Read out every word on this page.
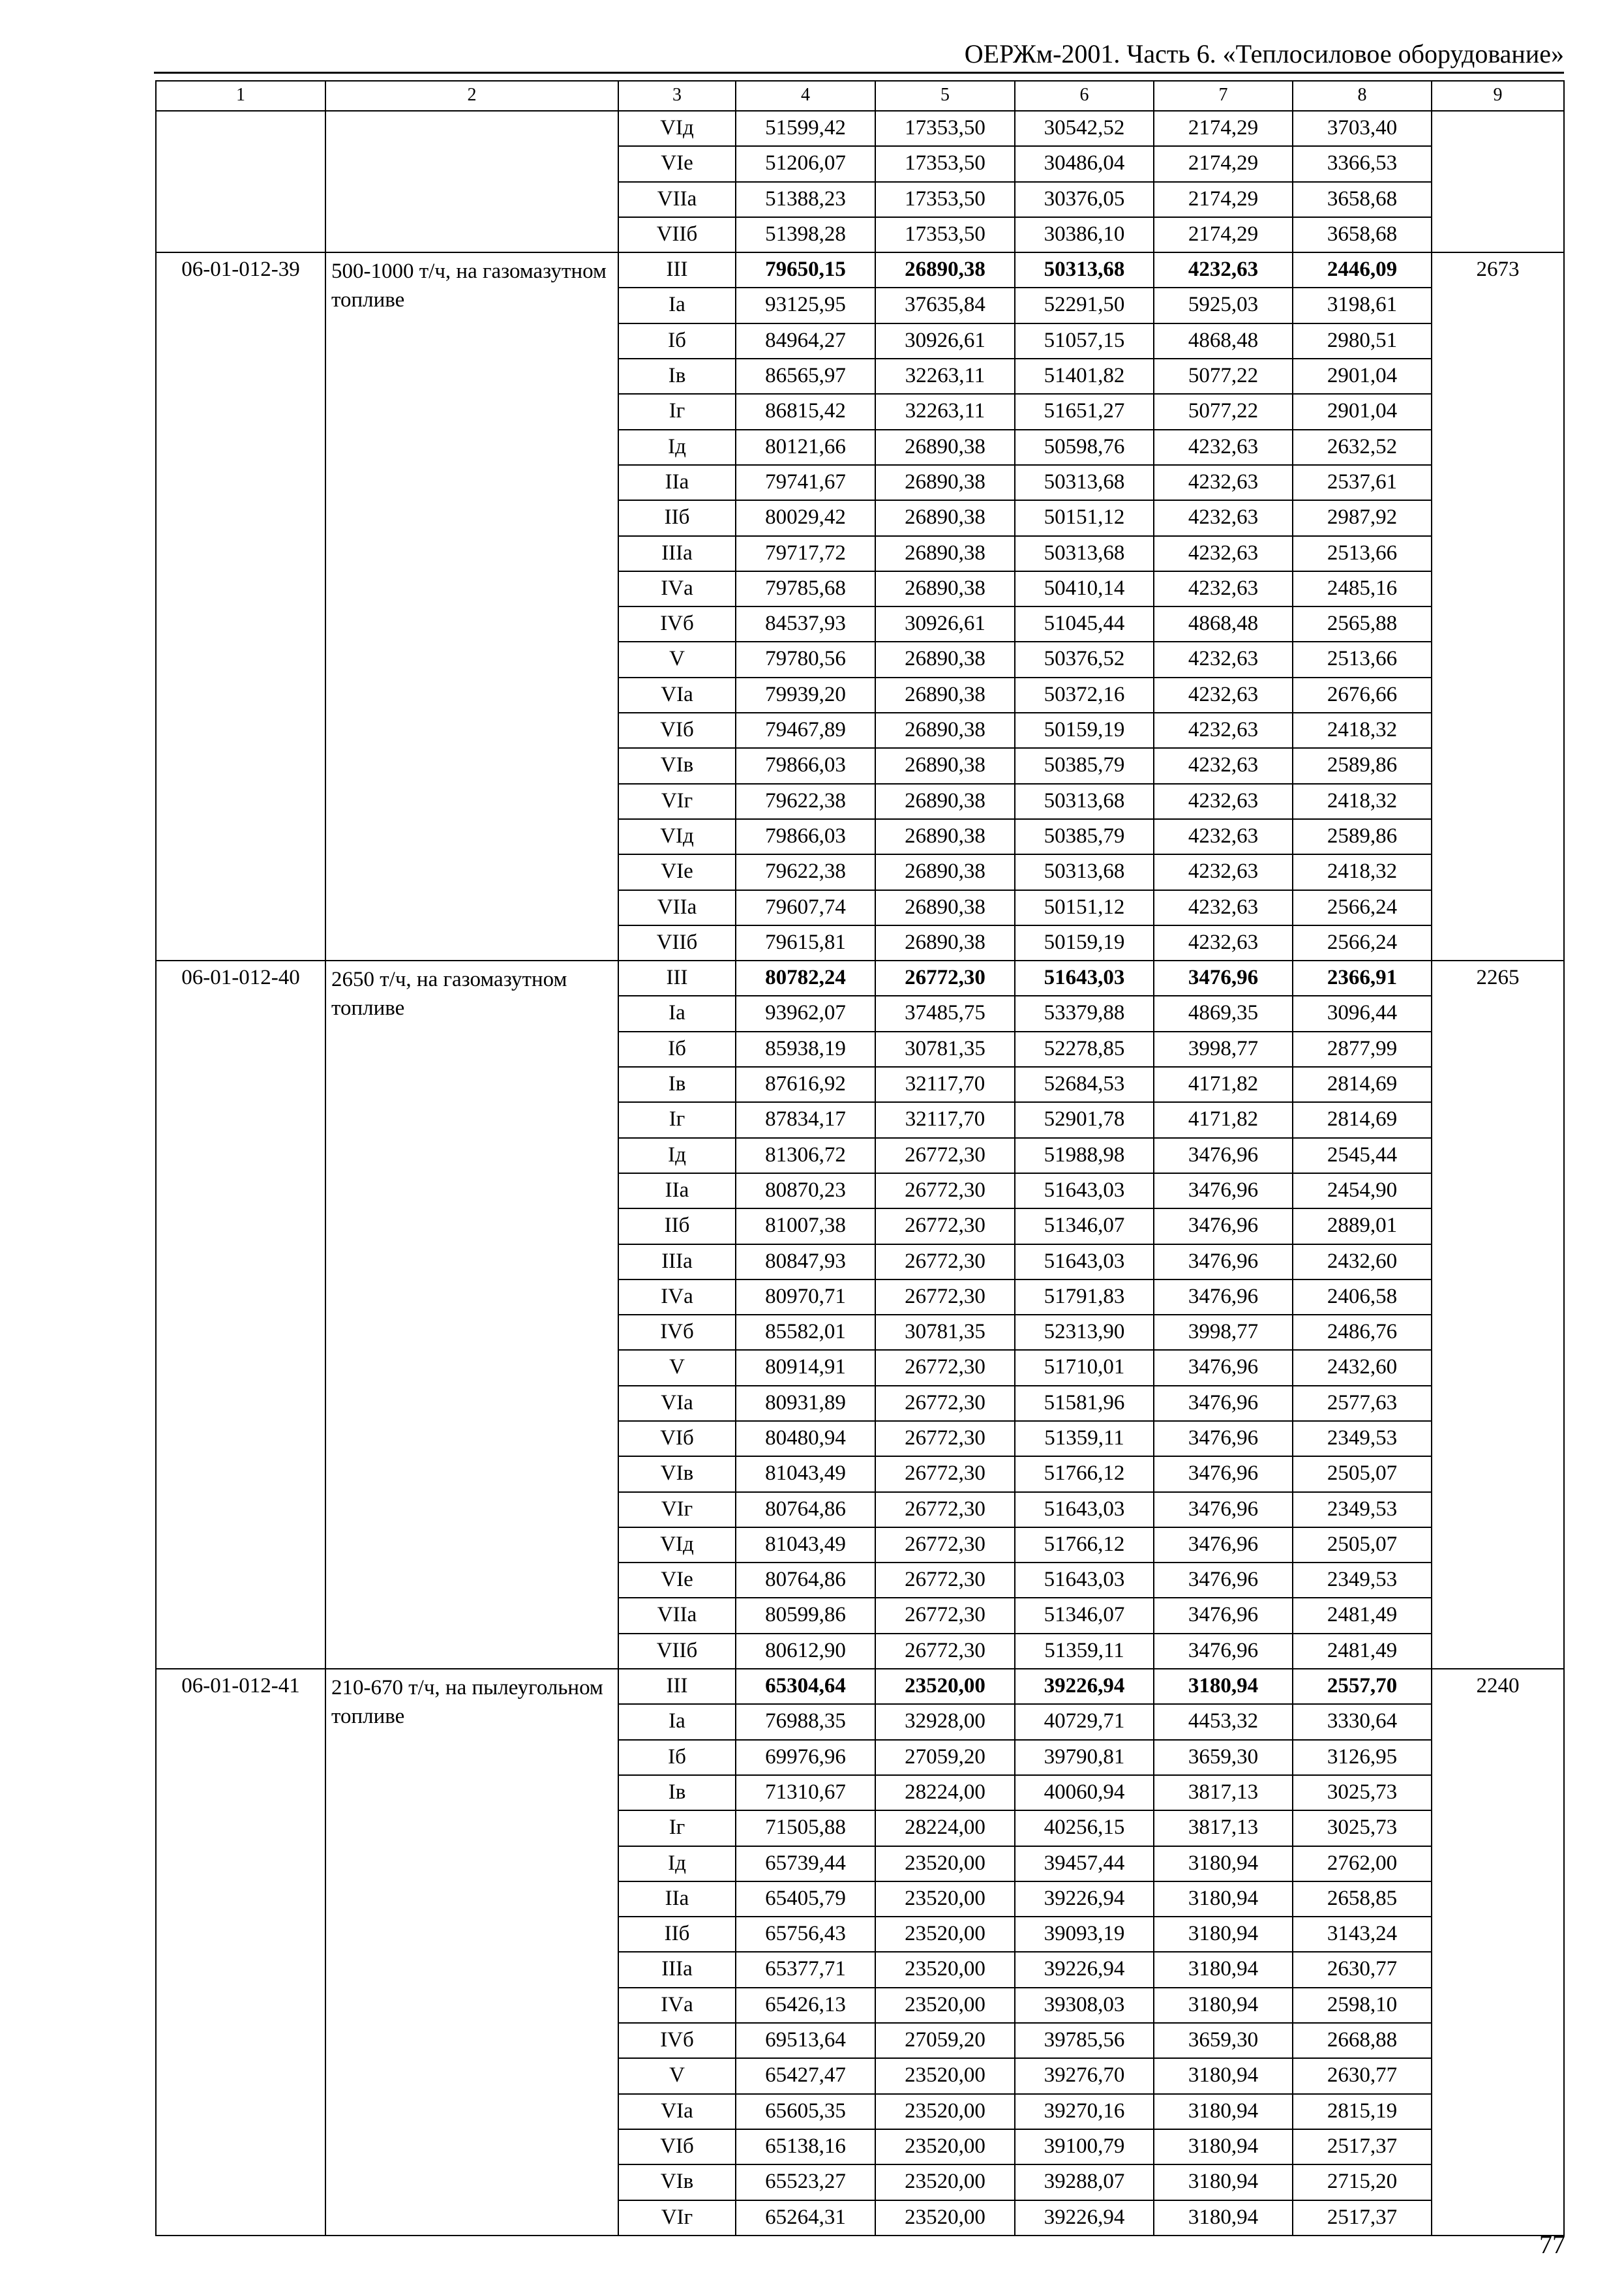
ОЕРЖм-2001. Часть 6. «Теплосиловое оборудование»
1	2	3	4	5	6	7	8	9
		VIд	51599,42	17353,50	30542,52	2174,29	3703,40	
		VIе	51206,07	17353,50	30486,04	2174,29	3366,53	
		VIIа	51388,23	17353,50	30376,05	2174,29	3658,68	
		VIIб	51398,28	17353,50	30386,10	2174,29	3658,68	
06-01-012-39	500-1000 т/ч, на газомазутном топливе	III	79650,15	26890,38	50313,68	4232,63	2446,09	2673
		Iа	93125,95	37635,84	52291,50	5925,03	3198,61	
		Iб	84964,27	30926,61	51057,15	4868,48	2980,51	
		Iв	86565,97	32263,11	51401,82	5077,22	2901,04	
		Iг	86815,42	32263,11	51651,27	5077,22	2901,04	
		Iд	80121,66	26890,38	50598,76	4232,63	2632,52	
		IIа	79741,67	26890,38	50313,68	4232,63	2537,61	
		IIб	80029,42	26890,38	50151,12	4232,63	2987,92	
		IIIа	79717,72	26890,38	50313,68	4232,63	2513,66	
		IVа	79785,68	26890,38	50410,14	4232,63	2485,16	
		IVб	84537,93	30926,61	51045,44	4868,48	2565,88	
		V	79780,56	26890,38	50376,52	4232,63	2513,66	
		VIа	79939,20	26890,38	50372,16	4232,63	2676,66	
		VIб	79467,89	26890,38	50159,19	4232,63	2418,32	
		VIв	79866,03	26890,38	50385,79	4232,63	2589,86	
		VIг	79622,38	26890,38	50313,68	4232,63	2418,32	
		VIд	79866,03	26890,38	50385,79	4232,63	2589,86	
		VIе	79622,38	26890,38	50313,68	4232,63	2418,32	
		VIIа	79607,74	26890,38	50151,12	4232,63	2566,24	
		VIIб	79615,81	26890,38	50159,19	4232,63	2566,24	
06-01-012-40	2650 т/ч, на газомазутном топливе	III	80782,24	26772,30	51643,03	3476,96	2366,91	2265
		Iа	93962,07	37485,75	53379,88	4869,35	3096,44	
		Iб	85938,19	30781,35	52278,85	3998,77	2877,99	
		Iв	87616,92	32117,70	52684,53	4171,82	2814,69	
		Iг	87834,17	32117,70	52901,78	4171,82	2814,69	
		Iд	81306,72	26772,30	51988,98	3476,96	2545,44	
		IIа	80870,23	26772,30	51643,03	3476,96	2454,90	
		IIб	81007,38	26772,30	51346,07	3476,96	2889,01	
		IIIа	80847,93	26772,30	51643,03	3476,96	2432,60	
		IVа	80970,71	26772,30	51791,83	3476,96	2406,58	
		IVб	85582,01	30781,35	52313,90	3998,77	2486,76	
		V	80914,91	26772,30	51710,01	3476,96	2432,60	
		VIа	80931,89	26772,30	51581,96	3476,96	2577,63	
		VIб	80480,94	26772,30	51359,11	3476,96	2349,53	
		VIв	81043,49	26772,30	51766,12	3476,96	2505,07	
		VIг	80764,86	26772,30	51643,03	3476,96	2349,53	
		VIд	81043,49	26772,30	51766,12	3476,96	2505,07	
		VIе	80764,86	26772,30	51643,03	3476,96	2349,53	
		VIIа	80599,86	26772,30	51346,07	3476,96	2481,49	
		VIIб	80612,90	26772,30	51359,11	3476,96	2481,49	
06-01-012-41	210-670 т/ч, на пылеугольном топливе	III	65304,64	23520,00	39226,94	3180,94	2557,70	2240
		Iа	76988,35	32928,00	40729,71	4453,32	3330,64	
		Iб	69976,96	27059,20	39790,81	3659,30	3126,95	
		Iв	71310,67	28224,00	40060,94	3817,13	3025,73	
		Iг	71505,88	28224,00	40256,15	3817,13	3025,73	
		Iд	65739,44	23520,00	39457,44	3180,94	2762,00	
		IIа	65405,79	23520,00	39226,94	3180,94	2658,85	
		IIб	65756,43	23520,00	39093,19	3180,94	3143,24	
		IIIа	65377,71	23520,00	39226,94	3180,94	2630,77	
		IVа	65426,13	23520,00	39308,03	3180,94	2598,10	
		IVб	69513,64	27059,20	39785,56	3659,30	2668,88	
		V	65427,47	23520,00	39276,70	3180,94	2630,77	
		VIа	65605,35	23520,00	39270,16	3180,94	2815,19	
		VIб	65138,16	23520,00	39100,79	3180,94	2517,37	
		VIв	65523,27	23520,00	39288,07	3180,94	2715,20	
		VIг	65264,31	23520,00	39226,94	3180,94	2517,37	
77
